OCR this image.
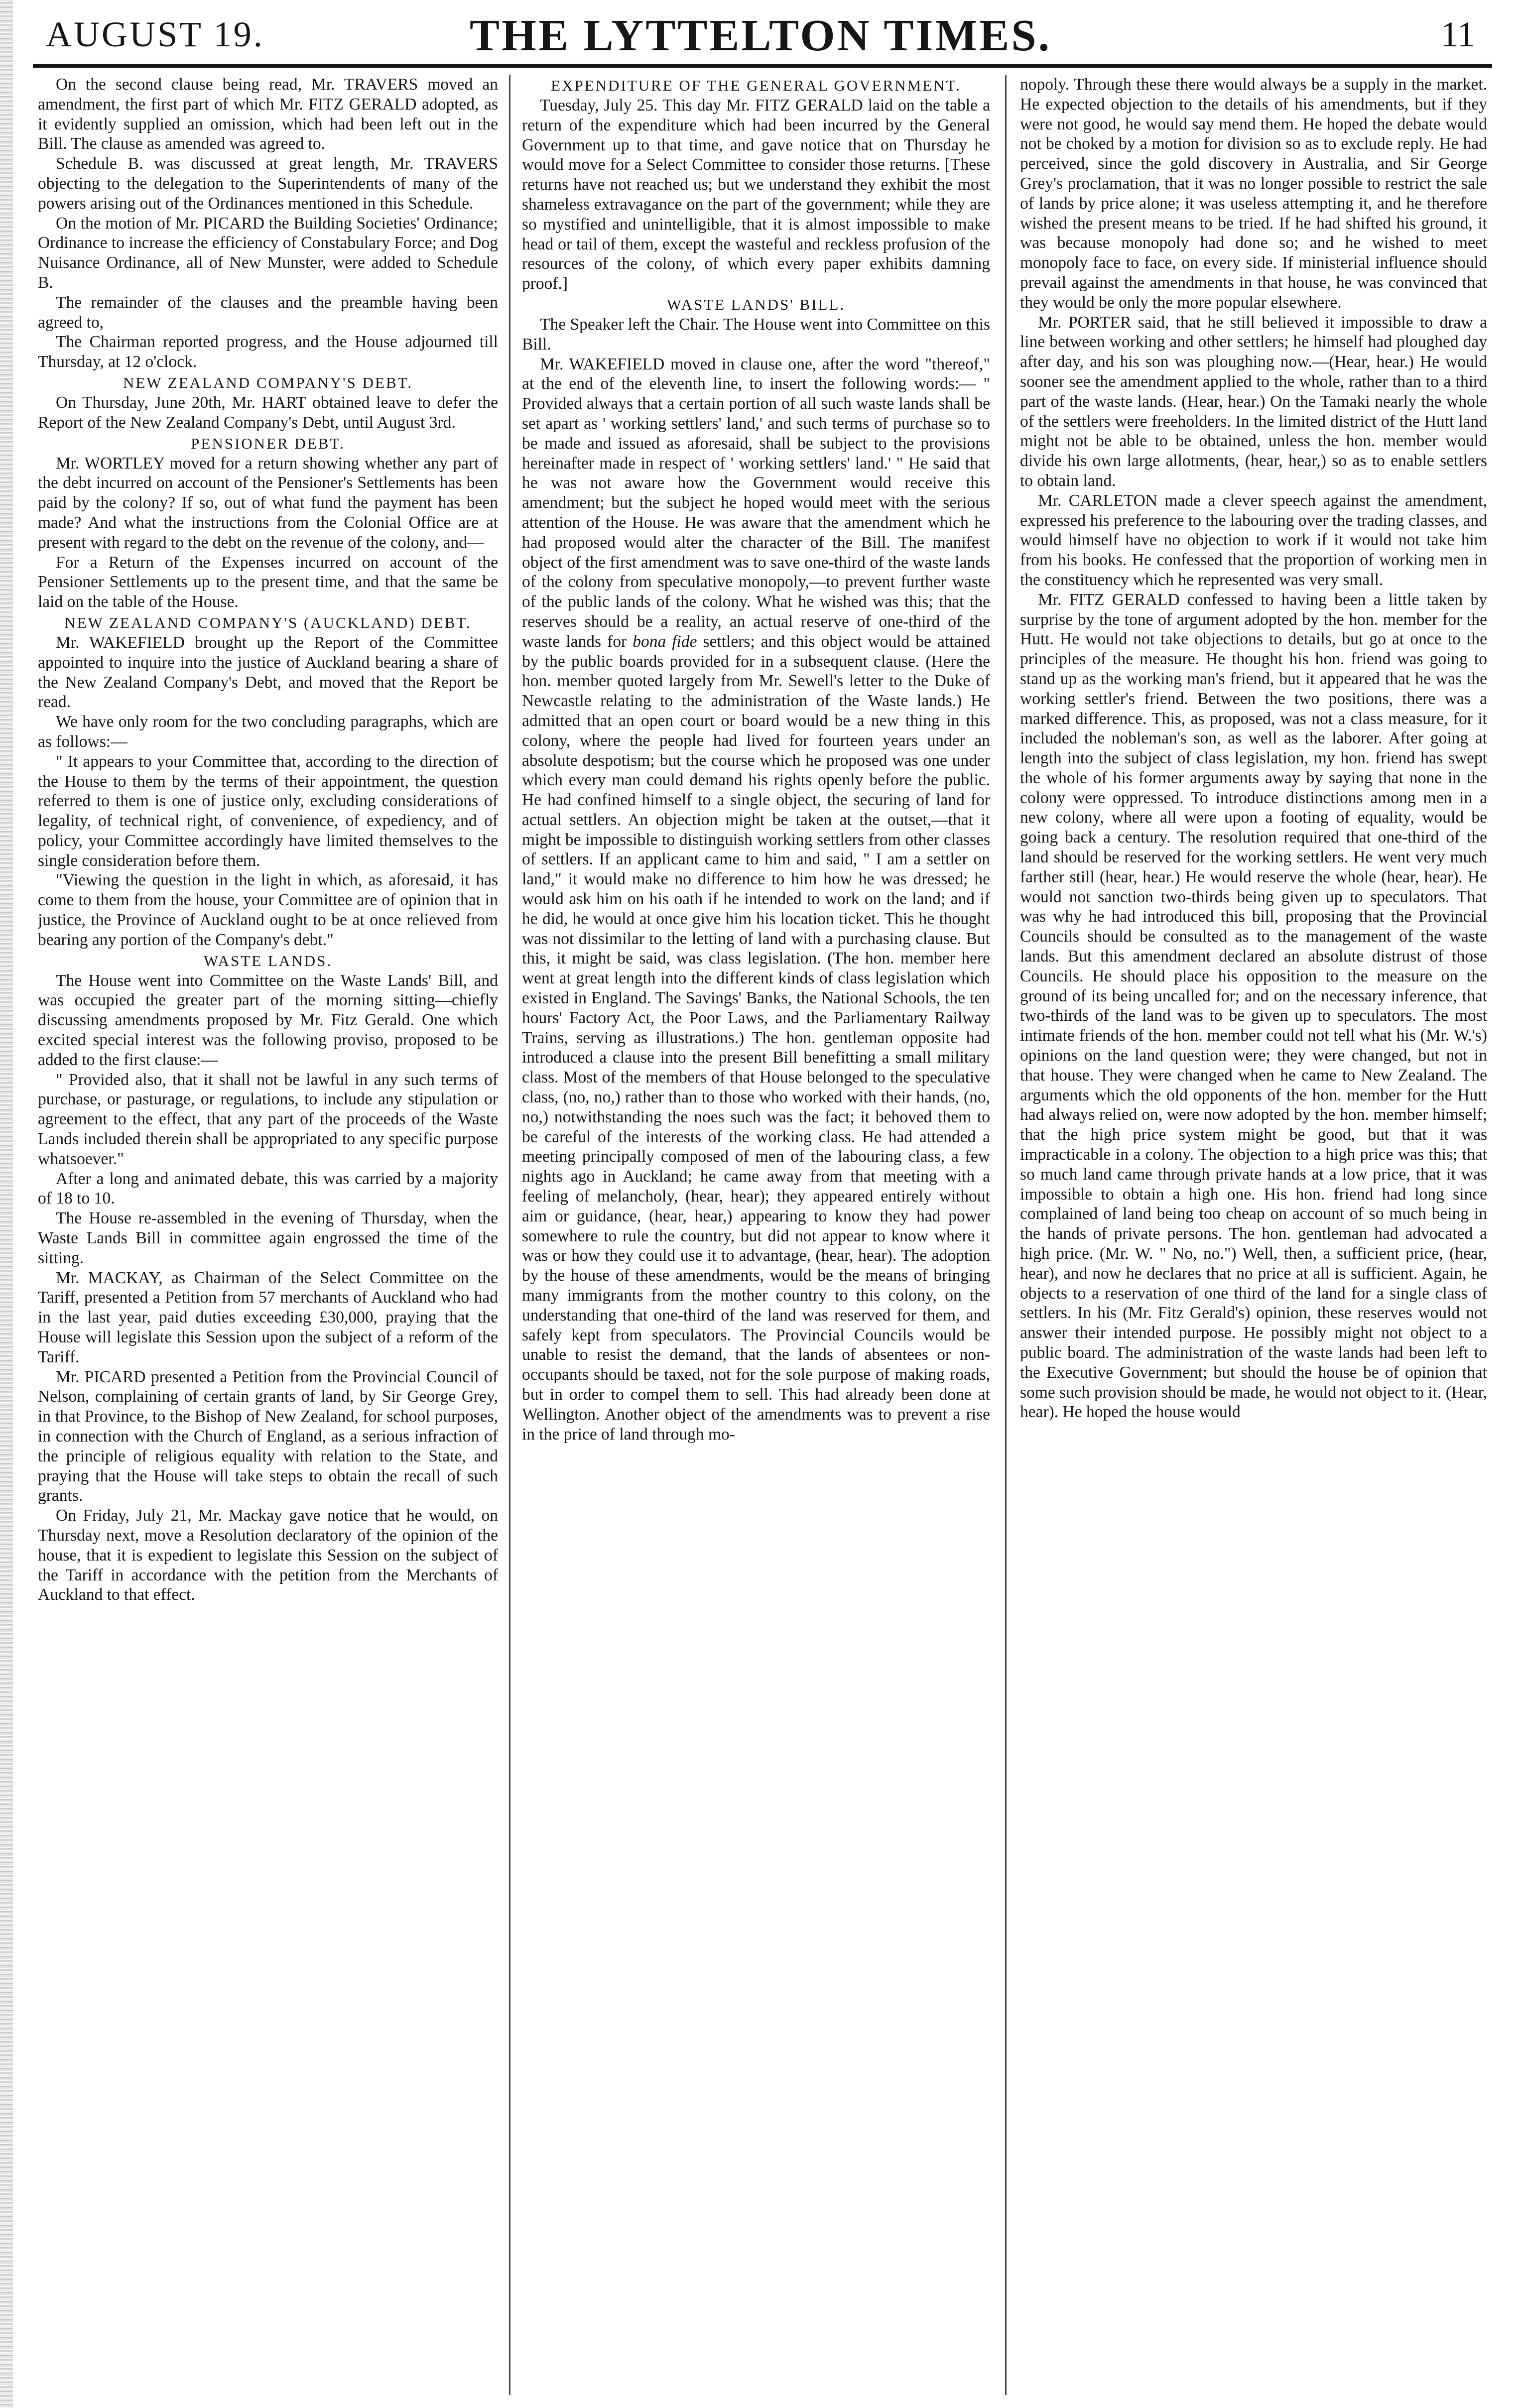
AUGUST 19.	THE LYTTELTON TIMES.	11

On the second clause being read, Mr. TRAVERS moved an amendment, the first part of which Mr. FITZ GERALD adopted, as it evidently supplied an omission, which had been left out in the Bill. The clause as amended was agreed to.

Schedule B. was discussed at great length, Mr. TRAVERS objecting to the delegation to the Superintendents of many of the powers arising out of the Ordinances mentioned in this Schedule.

On the motion of Mr. PICARD the Building Societies' Ordinance; Ordinance to increase the efficiency of Constabulary Force; and Dog Nuisance Ordinance, all of New Munster, were added to Schedule B.

The remainder of the clauses and the preamble having been agreed to,

The Chairman reported progress, and the House adjourned till Thursday, at 12 o'clock.

NEW ZEALAND COMPANY'S DEBT.

On Thursday, June 20th, Mr. HART obtained leave to defer the Report of the New Zealand Company's Debt, until August 3rd.

PENSIONER DEBT.

Mr. WORTLEY moved for a return showing whether any part of the debt incurred on account of the Pensioner's Settlements has been paid by the colony? If so, out of what fund the payment has been made? And what the instructions from the Colonial Office are at present with regard to the debt on the revenue of the colony, and—

For a Return of the Expenses incurred on account of the Pensioner Settlements up to the present time, and that the same be laid on the table of the House.

NEW ZEALAND COMPANY'S (AUCKLAND) DEBT.

Mr. WAKEFIELD brought up the Report of the Committee appointed to inquire into the justice of Auckland bearing a share of the New Zealand Company's Debt, and moved that the Report be read.

We have only room for the two concluding paragraphs, which are as follows:—

" It appears to your Committee that, according to the direction of the House to them by the terms of their appointment, the question referred to them is one of justice only, excluding considerations of legality, of technical right, of convenience, of expediency, and of policy, your Committee accordingly have limited themselves to the single consideration before them.

"Viewing the question in the light in which, as aforesaid, it has come to them from the house, your Committee are of opinion that in justice, the Province of Auckland ought to be at once relieved from bearing any portion of the Company's debt."

WASTE LANDS.

The House went into Committee on the Waste Lands' Bill, and was occupied the greater part of the morning sitting—chiefly discussing amendments proposed by Mr. Fitz Gerald. One which excited special interest was the following proviso, proposed to be added to the first clause:—

" Provided also, that it shall not be lawful in any such terms of purchase, or pasturage, or regulations, to include any stipulation or agreement to the effect, that any part of the proceeds of the Waste Lands included therein shall be appropriated to any specific purpose whatsoever."

After a long and animated debate, this was carried by a majority of 18 to 10.

The House re-assembled in the evening of Thursday, when the Waste Lands Bill in committee again engrossed the time of the sitting.

Mr. MACKAY, as Chairman of the Select Committee on the Tariff, presented a Petition from 57 merchants of Auckland who had in the last year, paid duties exceeding £30,000, praying that the House will legislate this Session upon the subject of a reform of the Tariff.

Mr. PICARD presented a Petition from the Provincial Council of Nelson, complaining of certain grants of land, by Sir George Grey, in that Province, to the Bishop of New Zealand, for school purposes, in connection with the Church of England, as a serious infraction of the principle of religious equality with relation to the State, and praying that the House will take steps to obtain the recall of such grants.

On Friday, July 21, Mr. Mackay gave notice that he would, on Thursday next, move a Resolution declaratory of the opinion of the house, that it is expedient to legislate this Session on the subject of the Tariff in accordance with the petition from the Merchants of Auckland to that effect.

EXPENDITURE OF THE GENERAL GOVERNMENT.

Tuesday, July 25. This day Mr. FITZ GERALD laid on the table a return of the expenditure which had been incurred by the General Government up to that time, and gave notice that on Thursday he would move for a Select Committee to consider those returns. [These returns have not reached us; but we understand they exhibit the most shameless extravagance on the part of the government; while they are so mystified and unintelligible, that it is almost impossible to make head or tail of them, except the wasteful and reckless profusion of the resources of the colony, of which every paper exhibits damning proof.]

WASTE LANDS' BILL.

The Speaker left the Chair. The House went into Committee on this Bill.

Mr. WAKEFIELD moved in clause one, after the word "thereof," at the end of the eleventh line, to insert the following words:— " Provided always that a certain portion of all such waste lands shall be set apart as ' working settlers' land,' and such terms of purchase so to be made and issued as aforesaid, shall be subject to the provisions hereinafter made in respect of ' working settlers' land.' " He said that he was not aware how the Government would receive this amendment; but the subject he hoped would meet with the serious attention of the House. He was aware that the amendment which he had proposed would alter the character of the Bill. The manifest object of the first amendment was to save one-third of the waste lands of the colony from speculative monopoly,—to prevent further waste of the public lands of the colony. What he wished was this; that the reserves should be a reality, an actual reserve of one-third of the waste lands for bona fide settlers; and this object would be attained by the public boards provided for in a subsequent clause. (Here the hon. member quoted largely from Mr. Sewell's letter to the Duke of Newcastle relating to the administration of the Waste lands.) He admitted that an open court or board would be a new thing in this colony, where the people had lived for fourteen years under an absolute despotism; but the course which he proposed was one under which every man could demand his rights openly before the public. He had confined himself to a single object, the securing of land for actual settlers. An objection might be taken at the outset,—that it might be impossible to distinguish working settlers from other classes of settlers. If an applicant came to him and said, " I am a settler on land," it would make no difference to him how he was dressed; he would ask him on his oath if he intended to work on the land; and if he did, he would at once give him his location ticket. This he thought was not dissimilar to the letting of land with a purchasing clause. But this, it might be said, was class legislation. (The hon. member here went at great length into the different kinds of class legislation which existed in England. The Savings' Banks, the National Schools, the ten hours' Factory Act, the Poor Laws, and the Parliamentary Railway Trains, serving as illustrations.) The hon. gentleman opposite had introduced a clause into the present Bill benefitting a small military class. Most of the members of that House belonged to the speculative class, (no, no,) rather than to those who worked with their hands, (no, no,) notwithstanding the noes such was the fact; it behoved them to be careful of the interests of the working class. He had attended a meeting principally composed of men of the labouring class, a few nights ago in Auckland; he came away from that meeting with a feeling of melancholy, (hear, hear); they appeared entirely without aim or guidance, (hear, hear,) appearing to know they had power somewhere to rule the country, but did not appear to know where it was or how they could use it to advantage, (hear, hear). The adoption by the house of these amendments, would be the means of bringing many immigrants from the mother country to this colony, on the understanding that one-third of the land was reserved for them, and safely kept from speculators. The Provincial Councils would be unable to resist the demand, that the lands of absentees or non-occupants should be taxed, not for the sole purpose of making roads, but in order to compel them to sell. This had already been done at Wellington. Another object of the amendments was to prevent a rise in the price of land through mo-

nopoly. Through these there would always be a supply in the market. He expected objection to the details of his amendments, but if they were not good, he would say mend them. He hoped the debate would not be choked by a motion for division so as to exclude reply. He had perceived, since the gold discovery in Australia, and Sir George Grey's proclamation, that it was no longer possible to restrict the sale of lands by price alone; it was useless attempting it, and he therefore wished the present means to be tried. If he had shifted his ground, it was because monopoly had done so; and he wished to meet monopoly face to face, on every side. If ministerial influence should prevail against the amendments in that house, he was convinced that they would be only the more popular elsewhere.

Mr. PORTER said, that he still believed it impossible to draw a line between working and other settlers; he himself had ploughed day after day, and his son was ploughing now.—(Hear, hear.) He would sooner see the amendment applied to the whole, rather than to a third part of the waste lands. (Hear, hear.) On the Tamaki nearly the whole of the settlers were freeholders. In the limited district of the Hutt land might not be able to be obtained, unless the hon. member would divide his own large allotments, (hear, hear,) so as to enable settlers to obtain land.

Mr. CARLETON made a clever speech against the amendment, expressed his preference to the labouring over the trading classes, and would himself have no objection to work if it would not take him from his books. He confessed that the proportion of working men in the constituency which he represented was very small.

Mr. FITZ GERALD confessed to having been a little taken by surprise by the tone of argument adopted by the hon. member for the Hutt. He would not take objections to details, but go at once to the principles of the measure. He thought his hon. friend was going to stand up as the working man's friend, but it appeared that he was the working settler's friend. Between the two positions, there was a marked difference. This, as proposed, was not a class measure, for it included the nobleman's son, as well as the laborer. After going at length into the subject of class legislation, my hon. friend has swept the whole of his former arguments away by saying that none in the colony were oppressed. To introduce distinctions among men in a new colony, where all were upon a footing of equality, would be going back a century. The resolution required that one-third of the land should be reserved for the working settlers. He went very much farther still (hear, hear.) He would reserve the whole (hear, hear). He would not sanction two-thirds being given up to speculators. That was why he had introduced this bill, proposing that the Provincial Councils should be consulted as to the management of the waste lands. But this amendment declared an absolute distrust of those Councils. He should place his opposition to the measure on the ground of its being uncalled for; and on the necessary inference, that two-thirds of the land was to be given up to speculators. The most intimate friends of the hon. member could not tell what his (Mr. W.'s) opinions on the land question were; they were changed, but not in that house. They were changed when he came to New Zealand. The arguments which the old opponents of the hon. member for the Hutt had always relied on, were now adopted by the hon. member himself; that the high price system might be good, but that it was impracticable in a colony. The objection to a high price was this; that so much land came through private hands at a low price, that it was impossible to obtain a high one. His hon. friend had long since complained of land being too cheap on account of so much being in the hands of private persons. The hon. gentleman had advocated a high price. (Mr. W. " No, no.") Well, then, a sufficient price, (hear, hear), and now he declares that no price at all is sufficient. Again, he objects to a reservation of one third of the land for a single class of settlers. In his (Mr. Fitz Gerald's) opinion, these reserves would not answer their intended purpose. He possibly might not object to a public board. The administration of the waste lands had been left to the Executive Government; but should the house be of opinion that some such provision should be made, he would not object to it. (Hear, hear). He hoped the house would
